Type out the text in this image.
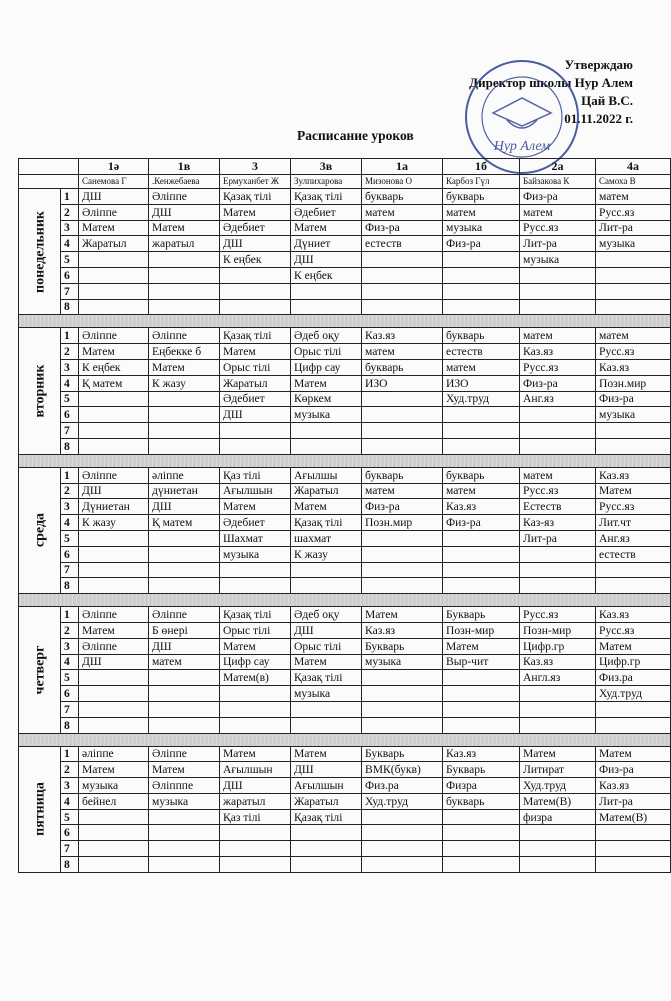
Утверждаю
Директор школы Нур Алем
Цай В.С.
01.11.2022 г.
Нур Алем
Расписание уроков
		1ә	1в	3	3в	1а	1б	2а	4а
		Санемова Г	.Кенжебаева	Ермуханбет Ж	Зулпихарова	Мизонова О	Карбоз Гүл	Байзакова К	Самоха В

понедельник	1	ДШ	Әліппе	Қазақ тілі	Қазақ тілі	букварь	букварь	Физ-ра	матем
	2	Әліппе	ДШ	Матем	Әдебиет	матем	матем	матем	Русс.яз
	3	Матем	Матем	Әдебиет	Матем	Физ-ра	музыка	Русс.яз	Лит-ра
	4	Жаратыл	жаратыл	ДШ	Дүниет	естеств	Физ-ра	Лит-ра	музыка
	5			К еңбек	ДШ			музыка	
	6				К еңбек				
	7								
	8								

вторник	1	Әліппе	Әліппе	Қазақ тілі	Әдеб оқу	Каз.яз	букварь	матем	матем
	2	Матем	Еңбекке б	Матем	Орыс тілі	матем	естеств	Каз.яз	Русс.яз
	3	К еңбек	Матем	Орыс тілі	Цифр сау	букварь	матем	Русс.яз	Каз.яз
	4	Қ матем	К жазу	Жаратыл	Матем	ИЗО	ИЗО	Физ-ра	Позн.мир
	5			Әдебиет	Көркем		Худ.труд	Анг.яз	Физ-ра
	6			ДШ	музыка				музыка
	7								
	8								

среда	1	Әліппе	әліппе	Қаз тілі	Ағылшы	букварь	букварь	матем	Каз.яз
	2	ДШ	дүниетан	Ағылшын	Жаратыл	матем	матем	Русс.яз	Матем
	3	Дүниетан	ДШ	Матем	Матем	Физ-ра	Каз.яз	Естеств	Русс.яз
	4	К жазу	Қ матем	Әдебиет	Қазақ тілі	Позн.мир	Физ-ра	Каз-яз	Лит.чт
	5			Шахмат	шахмат			Лит-ра	Анг.яз
	6			музыка	К жазу				естеств
	7								
	8								

четверг	1	Әліппе	Әліппе	Қазақ тілі	Әдеб оқу	Матем	Букварь	Русс.яз	Каз.яз
	2	Матем	Б өнері	Орыс тілі	ДШ	Каз.яз	Позн-мир	Позн-мир	Русс.яз
	3	Әліппе	ДШ	Матем	Орыс тілі	Букварь	Матем	Цифр.гр	Матем
	4	ДШ	матем	Цифр сау	Матем	музыка	Выр-чит	Каз.яз	Цифр.гр
	5			Матем(в)	Қазақ тілі			Англ.яз	Физ.ра
	6				музыка				Худ.труд
	7								
	8								

пятница	1	әліппе	Әліппе	Матем	Матем	Букварь	Каз.яз	Матем	Матем
	2	Матем	Матем	Ағылшын	ДШ	ВМК(букв)	Букварь	Литират	Физ-ра
	3	музыка	Әліпппе	ДШ	Ағылшын	Физ.ра	Физра	Худ.труд	Каз.яз
	4	бейнел	музыка	жаратыл	Жаратыл	Худ.труд	букварь	Матем(В)	Лит-ра
	5			Қаз тілі	Қазақ тілі			физра	Матем(В)
	6								
	7								
	8								
